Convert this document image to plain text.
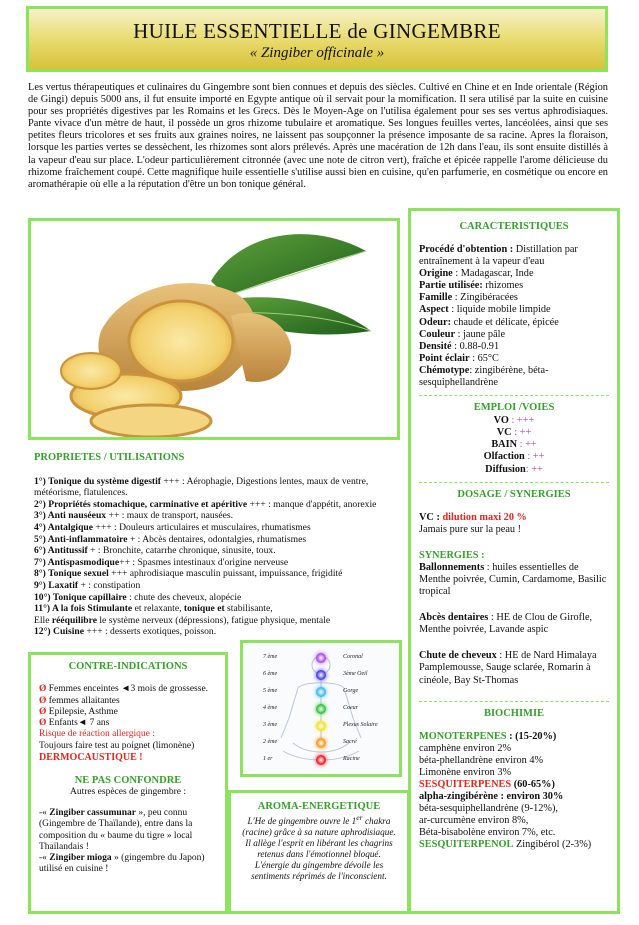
HUILE ESSENTIELLE de GINGEMBRE
« Zingiber officinale »
Les vertus thérapeutiques et culinaires du Gingembre sont bien connues et depuis des siècles. Cultivé en Chine et en Inde orientale (Région de Gingi) depuis 5000 ans, il fut ensuite importé en Egypte antique où il servait pour la momification. Il sera utilisé par la suite en cuisine pour ses propriétés digestives par les Romains et les Grecs. Dès le Moyen-Age on l'utilisa également pour ses ses vertus aphrodisiaques. Pante vivace d'un mètre de haut, il possède un gros rhizome tubulaire et aromatique. Ses longues feuilles vertes, lancéolées, ainsi que ses petites fleurs tricolores et ses fruits aux graines noires, ne laissent pas soupçonner la présence imposante de sa racine. Apres la floraison, lorsque les parties vertes se dessèchent, les rhizomes sont alors prélevés. Après une macération de 12h dans l'eau, ils sont ensuite distillés à la vapeur d'eau sur place. L'odeur particulièrement citronnée (avec une note de citron vert), fraîche et épicée rappelle l'arome délicieuse du rhizome fraîchement coupé. Cette magnifique huile essentielle s'utilise aussi bien en cuisine, qu'en parfumerie, en cosmétique ou encore en aromathérapie où elle a la réputation d'être un bon tonique général.
CARACTERISTIQUES
Procédé d'obtention : Distillation par entraînement à la vapeur d'eau
Origine : Madagascar, Inde
Partie utilisée: rhizomes
Famille : Zingibéracées
Aspect : liquide mobile limpide
Odeur: chaude et délicate, épicée
Couleur : jaune pâle
Densité : 0.88-0.91
Point éclair : 65°C
Chémotype: zingibérène, béta-sesquiphellandrène
EMPLOI /VOIES
VO : +++
VC : ++
BAIN : ++
Olfaction : ++
Diffusion: ++
DOSAGE / SYNERGIES
VC : dilution maxi 20 %
Jamais pure sur la peau !
SYNERGIES :
Ballonnements : huiles essentielles de Menthe poivrée, Cumin, Cardamome, Basilic tropical
Abcès dentaires : HE de Clou de Girofle, Menthe poivrée, Lavande aspic
Chute de cheveux : HE de Nard Himalaya Pamplemousse, Sauge sclarée, Romarin à cinéole, Bay St-Thomas
BIOCHIMIE
MONOTERPENES : (15-20%)
camphène environ 2%
béta-phellandrène environ 4%
Limonène environ 3%
SESQUITERPENES (60-65%)
alpha-zingibérène : environ 30%
béta-sesquiphellandrène (9-12%),
ar-curcumène environ 8%,
Béta-bisabolène environ 7%, etc.
SESQUITERPENOL Zingibérol (2-3%)
PROPRIETES / UTILISATIONS
1°) Tonique du système digestif +++ : Aérophagie, Digestions lentes, maux de ventre, météorisme, flatulences.
2°) Propriétés stomachique, carminative et apéritive +++ : manque d'appétit, anorexie
3°) Anti nauséeux ++ : maux de transport, nausées.
4°) Antalgique +++ : Douleurs articulaires et musculaires, rhumatismes
5°) Anti-inflammatoire + : Abcès dentaires, odontalgies, rhumatismes
6°) Antitussif + : Bronchite, catarrhe chronique, sinusite, toux.
7°) Antispasmodique++ : Spasmes intestinaux d'origine nerveuse
8°) Tonique sexuel +++ aphrodisiaque masculin puissant, impuissance, frigidité
9°) Laxatif + : constipation
10°) Tonique capillaire : chute des cheveux, alopécie
11°) A la fois Stimulante et relaxante, tonique et stabilisante,
Elle rééquilibre le système nerveux (dépressions), fatigue physique, mentale
12°) Cuisine +++ : desserts exotiques, poisson.
CONTRE-INDICATIONS
Ø Femmes enceintes ◄3 mois de grossesse.
Ø femmes allaitantes
Ø Epilepsie, Asthme
Ø Enfants◄ 7 ans
Risque de réaction allergique :
Toujours faire test au poignet (limonène)
DERMOCAUSTIQUE !
NE PAS CONFONDRE
Autres espèces de gingembre :
-« Zingiber cassumunar », peu connu (Gingembre de Thaïlande), entre dans la composition du « baume du tigre » local Thaïlandais !
-« Zingiber mioga » (gingembre du Japon) utilisé en cuisine !
7 ème	Coronal
6 ème	3ème Oeil
5 ème	Gorge
4 ème	Coeur
3 ème	Plexus Solaire
2 ème	Sacré
1 er	Racine
AROMA-ENERGETIQUE
L'He de gingembre ouvre le 1er chakra (racine) grâce à sa nature aphrodisiaque. Il allège l'esprit en libérant les chagrins retenus dans l'émotionnel bloqué.
L'énergie du gingembre dévoile les sentiments réprimés de l'inconscient.
